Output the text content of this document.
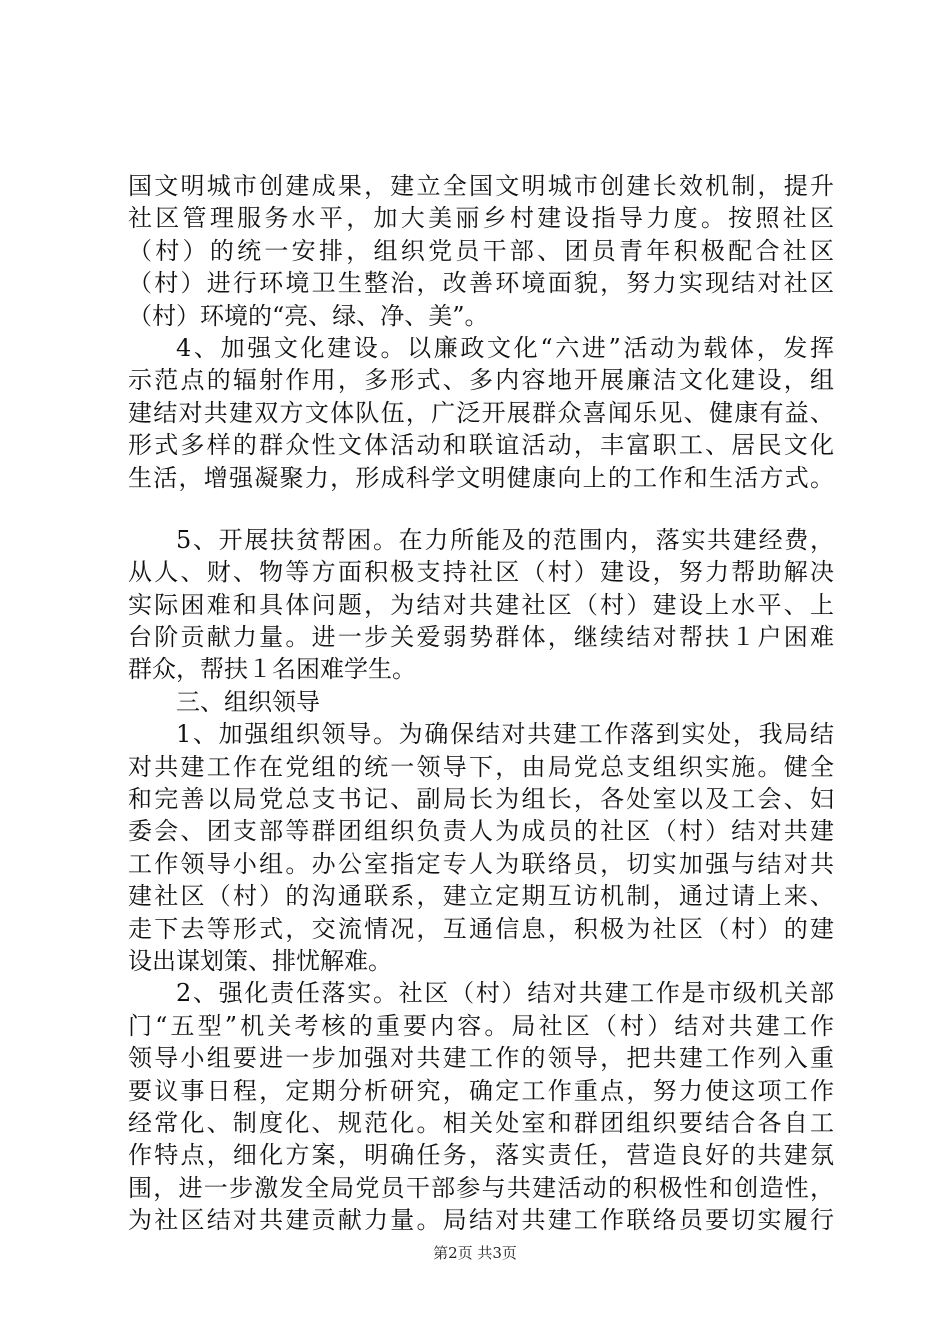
国文明城市创建成果，建立全国文明城市创建长效机制，提升
社区管理服务水平，加大美丽乡村建设指导力度。按照社区
（村）的统一安排，组织党员干部、团员青年积极配合社区
（村）进行环境卫生整治，改善环境面貌，努力实现结对社区
（村）环境的“亮、绿、净、美”。
4、加强文化建设。以廉政文化“六进”活动为载体，发挥
示范点的辐射作用，多形式、多内容地开展廉洁文化建设，组
建结对共建双方文体队伍，广泛开展群众喜闻乐见、健康有益、
形式多样的群众性文体活动和联谊活动，丰富职工、居民文化
生活，增强凝聚力，形成科学文明健康向上的工作和生活方式。
5、开展扶贫帮困。在力所能及的范围内，落实共建经费，
从人、财、物等方面积极支持社区（村）建设，努力帮助解决
实际困难和具体问题，为结对共建社区（村）建设上水平、上
台阶贡献力量。进一步关爱弱势群体，继续结对帮扶１户困难
群众，帮扶１名困难学生。
三、组织领导
1、加强组织领导。为确保结对共建工作落到实处，我局结
对共建工作在党组的统一领导下，由局党总支组织实施。健全
和完善以局党总支书记、副局长为组长，各处室以及工会、妇
委会、团支部等群团组织负责人为成员的社区（村）结对共建
工作领导小组。办公室指定专人为联络员，切实加强与结对共
建社区（村）的沟通联系，建立定期互访机制，通过请上来、
走下去等形式，交流情况，互通信息，积极为社区（村）的建
设出谋划策、排忧解难。
2、强化责任落实。社区（村）结对共建工作是市级机关部
门“五型”机关考核的重要内容。局社区（村）结对共建工作
领导小组要进一步加强对共建工作的领导，把共建工作列入重
要议事日程，定期分析研究，确定工作重点，努力使这项工作
经常化、制度化、规范化。相关处室和群团组织要结合各自工
作特点，细化方案，明确任务，落实责任，营造良好的共建氛
围，进一步激发全局党员干部参与共建活动的积极性和创造性，
为社区结对共建贡献力量。局结对共建工作联络员要切实履行
第2页 共3页
